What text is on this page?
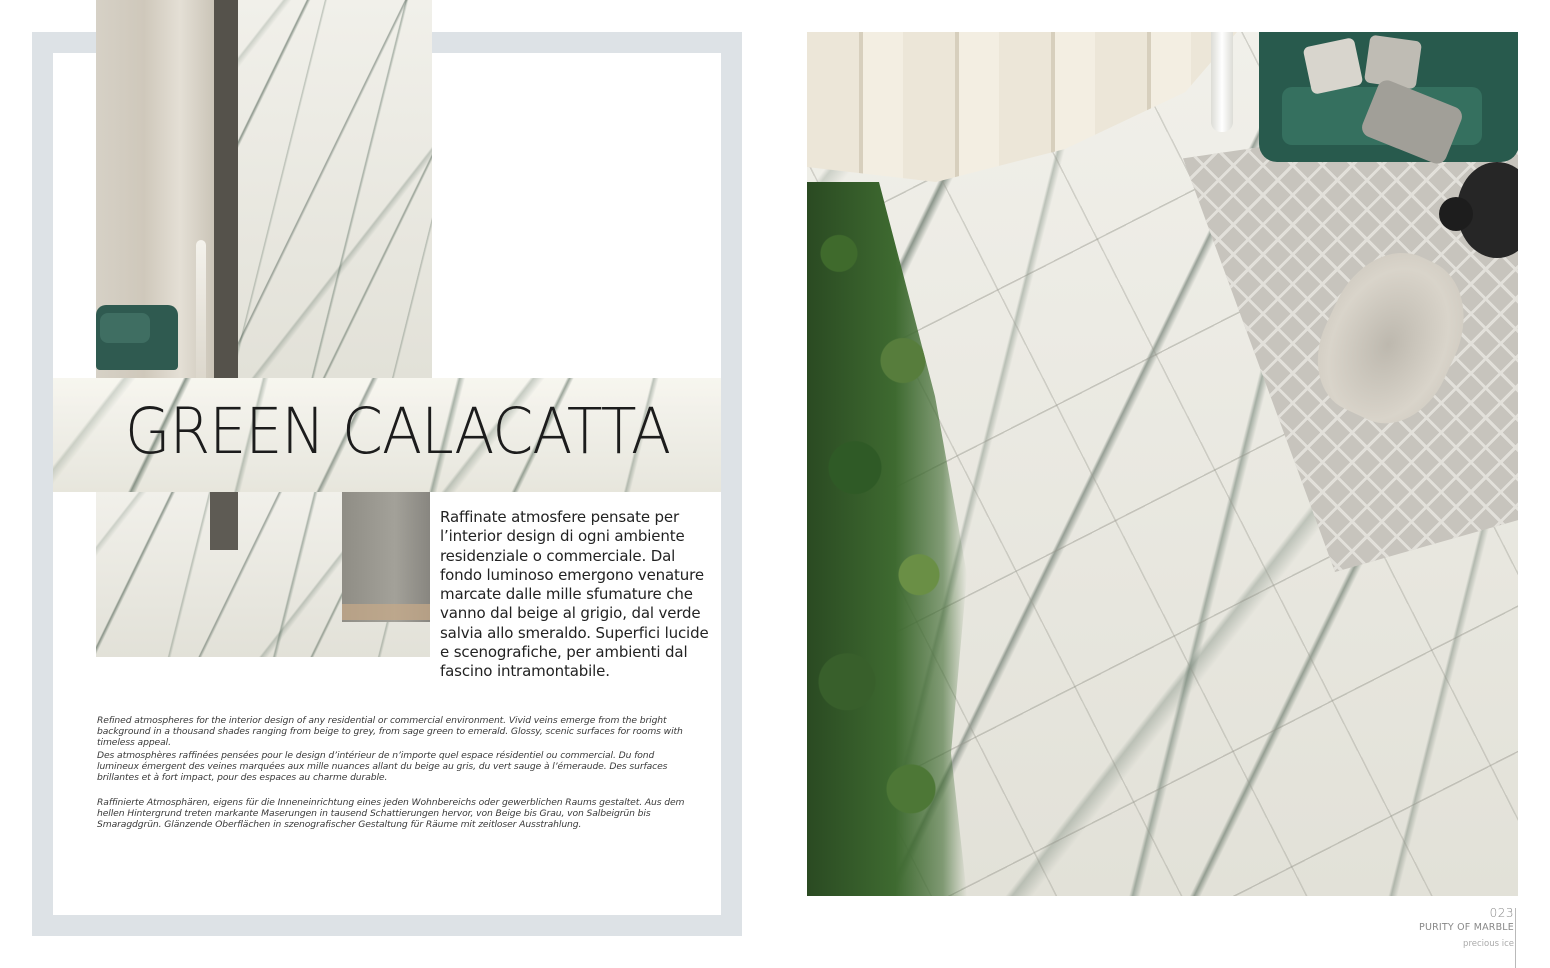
GREEN CALACATTA

Raffinate atmosfere pensate per l’interior design di ogni ambiente residenziale o commerciale. Dal fondo luminoso emergono venature marcate dalle mille sfumature che vanno dal beige al grigio, dal verde salvia allo smeraldo. Superfici lucide e scenografiche, per ambienti dal fascino intramontabile.

Refined atmospheres for the interior design of any residential or commercial environment. Vivid veins emerge from the bright background in a thousand shades ranging from beige to grey, from sage green to emerald. Glossy, scenic surfaces for rooms with timeless appeal.

Des atmosphères raffinées pensées pour le design d’intérieur de n’importe quel espace résidentiel ou commercial. Du fond lumineux émergent des veines marquées aux mille nuances allant du beige au gris, du vert sauge à l’émeraude. Des surfaces brillantes et à fort impact, pour des espaces au charme durable.

Raffinierte Atmosphären, eigens für die Inneneinrichtung eines jeden Wohnbereichs oder gewerblichen Raums gestaltet. Aus dem hellen Hintergrund treten markante Maserungen in tausend Schattierungen hervor, von Beige bis Grau, von Salbeigrün bis Smaragdgrün. Glänzende Oberflächen in szenografischer Gestaltung für Räume mit zeitloser Ausstrahlung.

023
PURITY OF MARBLE
precious ice
